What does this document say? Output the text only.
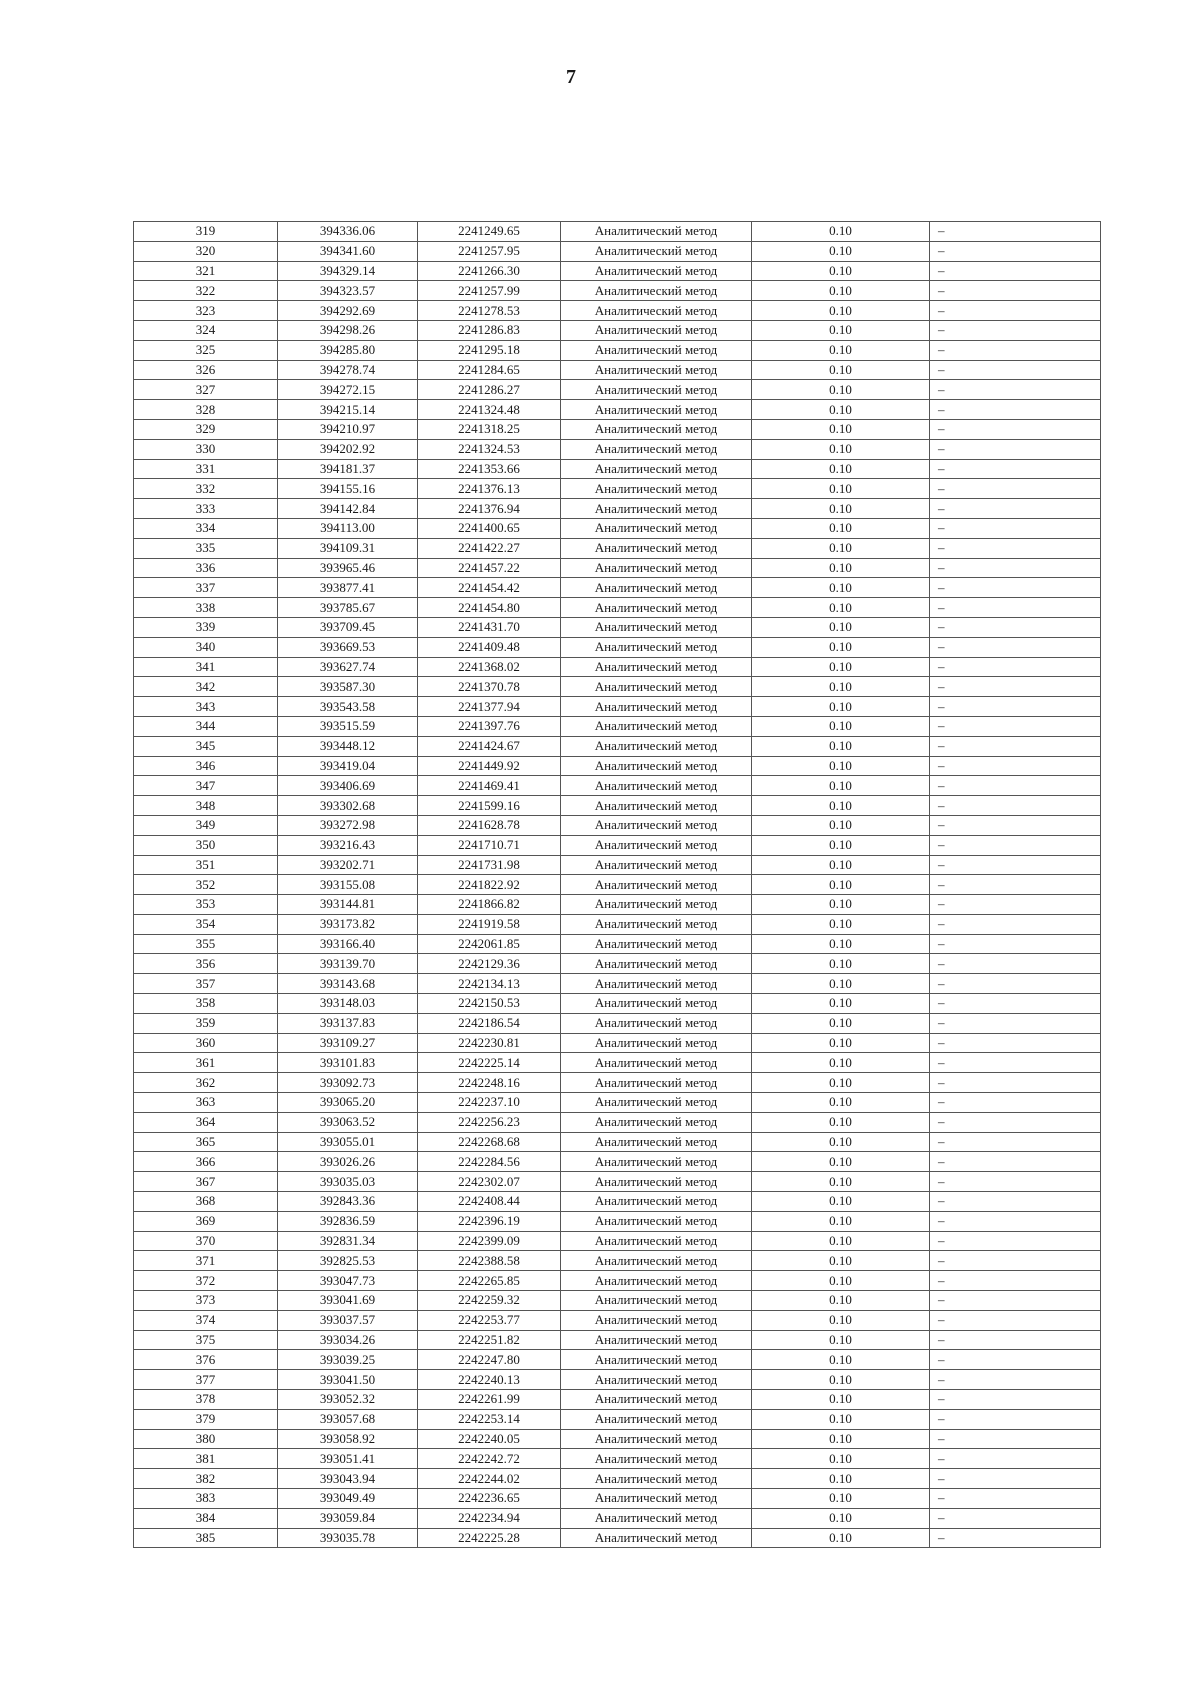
7
319	394336.06	2241249.65	Аналитический метод	0.10	–
320	394341.60	2241257.95	Аналитический метод	0.10	–
321	394329.14	2241266.30	Аналитический метод	0.10	–
322	394323.57	2241257.99	Аналитический метод	0.10	–
323	394292.69	2241278.53	Аналитический метод	0.10	–
324	394298.26	2241286.83	Аналитический метод	0.10	–
325	394285.80	2241295.18	Аналитический метод	0.10	–
326	394278.74	2241284.65	Аналитический метод	0.10	–
327	394272.15	2241286.27	Аналитический метод	0.10	–
328	394215.14	2241324.48	Аналитический метод	0.10	–
329	394210.97	2241318.25	Аналитический метод	0.10	–
330	394202.92	2241324.53	Аналитический метод	0.10	–
331	394181.37	2241353.66	Аналитический метод	0.10	–
332	394155.16	2241376.13	Аналитический метод	0.10	–
333	394142.84	2241376.94	Аналитический метод	0.10	–
334	394113.00	2241400.65	Аналитический метод	0.10	–
335	394109.31	2241422.27	Аналитический метод	0.10	–
336	393965.46	2241457.22	Аналитический метод	0.10	–
337	393877.41	2241454.42	Аналитический метод	0.10	–
338	393785.67	2241454.80	Аналитический метод	0.10	–
339	393709.45	2241431.70	Аналитический метод	0.10	–
340	393669.53	2241409.48	Аналитический метод	0.10	–
341	393627.74	2241368.02	Аналитический метод	0.10	–
342	393587.30	2241370.78	Аналитический метод	0.10	–
343	393543.58	2241377.94	Аналитический метод	0.10	–
344	393515.59	2241397.76	Аналитический метод	0.10	–
345	393448.12	2241424.67	Аналитический метод	0.10	–
346	393419.04	2241449.92	Аналитический метод	0.10	–
347	393406.69	2241469.41	Аналитический метод	0.10	–
348	393302.68	2241599.16	Аналитический метод	0.10	–
349	393272.98	2241628.78	Аналитический метод	0.10	–
350	393216.43	2241710.71	Аналитический метод	0.10	–
351	393202.71	2241731.98	Аналитический метод	0.10	–
352	393155.08	2241822.92	Аналитический метод	0.10	–
353	393144.81	2241866.82	Аналитический метод	0.10	–
354	393173.82	2241919.58	Аналитический метод	0.10	–
355	393166.40	2242061.85	Аналитический метод	0.10	–
356	393139.70	2242129.36	Аналитический метод	0.10	–
357	393143.68	2242134.13	Аналитический метод	0.10	–
358	393148.03	2242150.53	Аналитический метод	0.10	–
359	393137.83	2242186.54	Аналитический метод	0.10	–
360	393109.27	2242230.81	Аналитический метод	0.10	–
361	393101.83	2242225.14	Аналитический метод	0.10	–
362	393092.73	2242248.16	Аналитический метод	0.10	–
363	393065.20	2242237.10	Аналитический метод	0.10	–
364	393063.52	2242256.23	Аналитический метод	0.10	–
365	393055.01	2242268.68	Аналитический метод	0.10	–
366	393026.26	2242284.56	Аналитический метод	0.10	–
367	393035.03	2242302.07	Аналитический метод	0.10	–
368	392843.36	2242408.44	Аналитический метод	0.10	–
369	392836.59	2242396.19	Аналитический метод	0.10	–
370	392831.34	2242399.09	Аналитический метод	0.10	–
371	392825.53	2242388.58	Аналитический метод	0.10	–
372	393047.73	2242265.85	Аналитический метод	0.10	–
373	393041.69	2242259.32	Аналитический метод	0.10	–
374	393037.57	2242253.77	Аналитический метод	0.10	–
375	393034.26	2242251.82	Аналитический метод	0.10	–
376	393039.25	2242247.80	Аналитический метод	0.10	–
377	393041.50	2242240.13	Аналитический метод	0.10	–
378	393052.32	2242261.99	Аналитический метод	0.10	–
379	393057.68	2242253.14	Аналитический метод	0.10	–
380	393058.92	2242240.05	Аналитический метод	0.10	–
381	393051.41	2242242.72	Аналитический метод	0.10	–
382	393043.94	2242244.02	Аналитический метод	0.10	–
383	393049.49	2242236.65	Аналитический метод	0.10	–
384	393059.84	2242234.94	Аналитический метод	0.10	–
385	393035.78	2242225.28	Аналитический метод	0.10	–
